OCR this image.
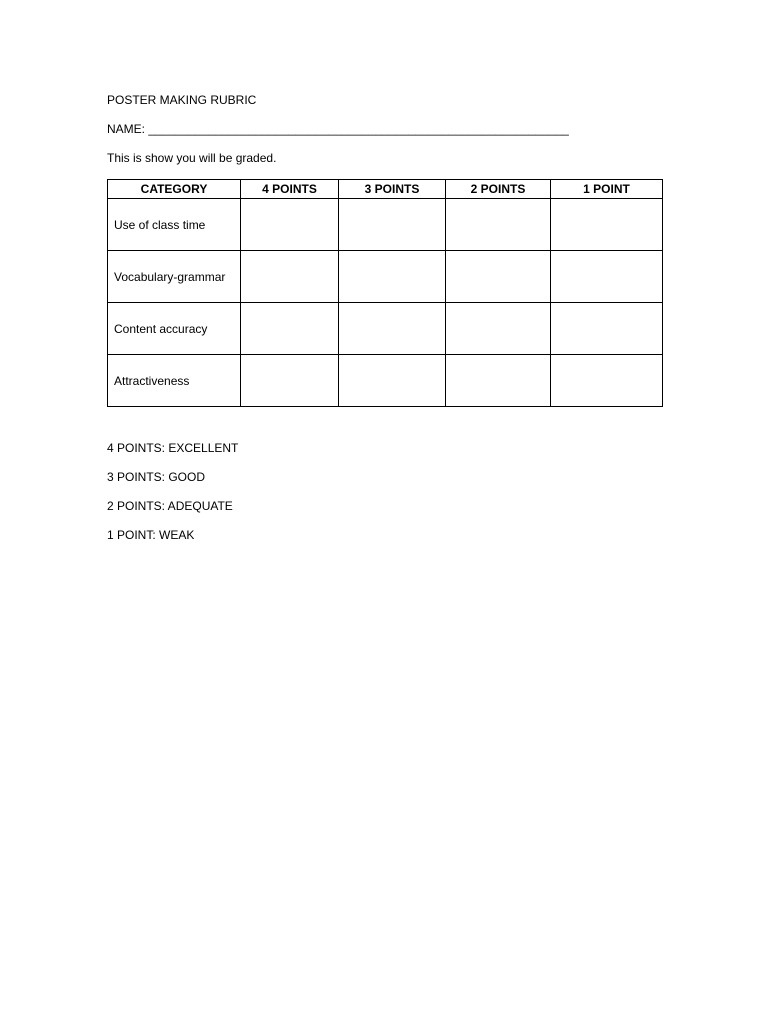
POSTER MAKING RUBRIC
NAME: _______________________________________________________________
This is show you will be graded.
CATEGORY	4 POINTS	3 POINTS	2 POINTS	1 POINT
Use of class time				
Vocabulary-grammar				
Content accuracy				
Attractiveness				
4 POINTS: EXCELLENT
3 POINTS: GOOD
2 POINTS: ADEQUATE
1 POINT: WEAK
